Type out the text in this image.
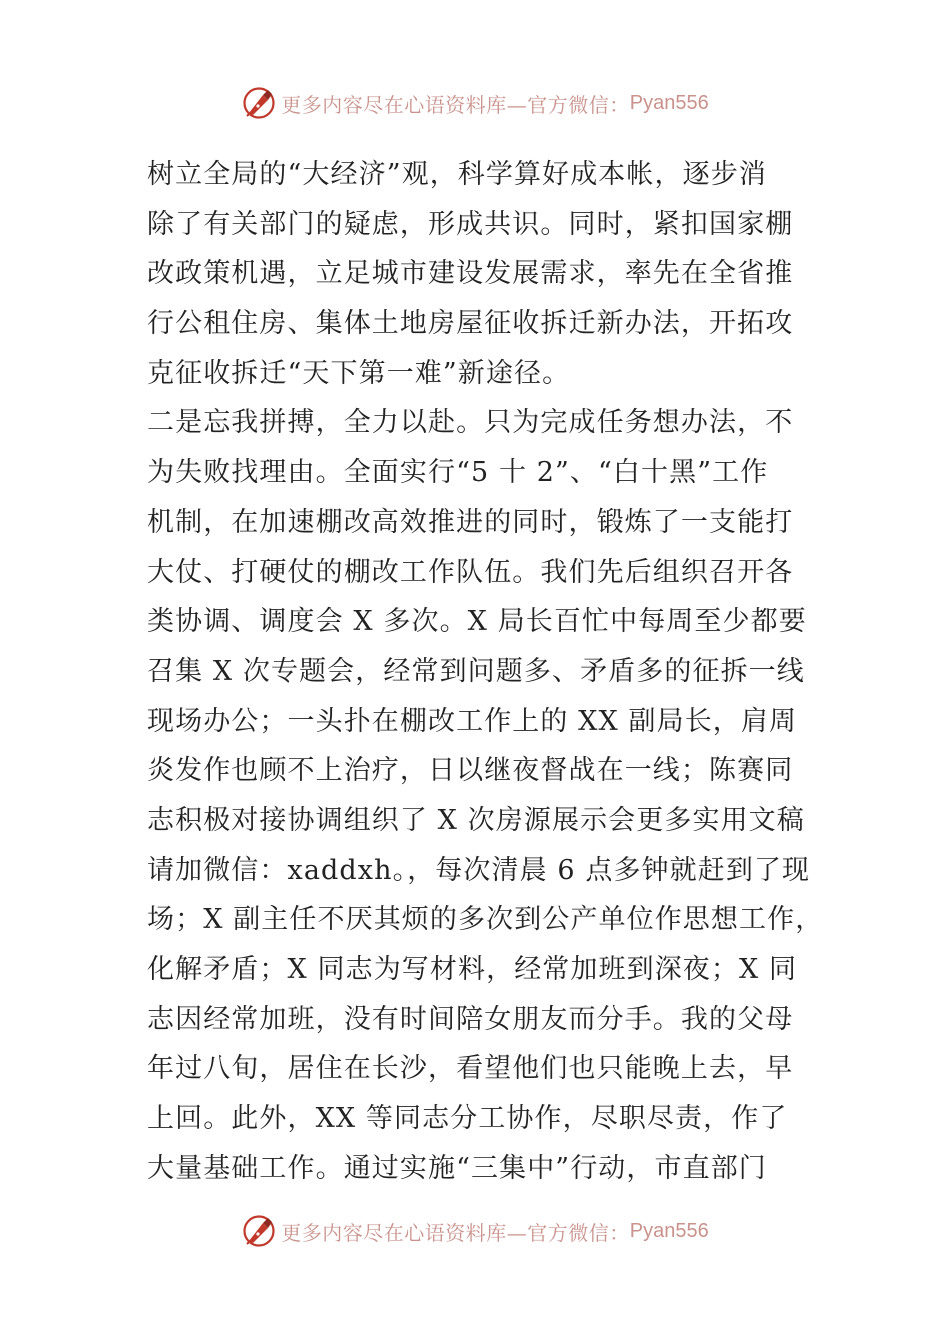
更多内容尽在心语资料库—官方微信： Pyan556
树立全局的“大经济”观，科学算好成本帐，逐步消
除了有关部门的疑虑，形成共识。同时，紧扣国家棚
改政策机遇，立足城市建设发展需求，率先在全省推
行公租住房、集体土地房屋征收拆迁新办法，开拓攻
克征收拆迁“天下第一难”新途径。
二是忘我拼搏，全力以赴。只为完成任务想办法，不
为失败找理由。全面实行“5 十 2”、“白十黑”工作
机制，在加速棚改高效推进的同时，锻炼了一支能打
大仗、打硬仗的棚改工作队伍。我们先后组织召开各
类协调、调度会 X 多次。X 局长百忙中每周至少都要
召集 X 次专题会，经常到问题多、矛盾多的征拆一线
现场办公；一头扑在棚改工作上的 XX 副局长，肩周
炎发作也顾不上治疗，日以继夜督战在一线；陈赛同
志积极对接协调组织了 X 次房源展示会更多实用文稿
请加微信：xaddxh。，每次清晨 6 点多钟就赶到了现
场；X 副主任不厌其烦的多次到公产单位作思想工作，
化解矛盾；X 同志为写材料，经常加班到深夜；X 同
志因经常加班，没有时间陪女朋友而分手。我的父母
年过八旬，居住在长沙，看望他们也只能晚上去，早
上回。此外，XX 等同志分工协作，尽职尽责，作了
大量基础工作。通过实施“三集中”行动，市直部门
更多内容尽在心语资料库—官方微信： Pyan556
